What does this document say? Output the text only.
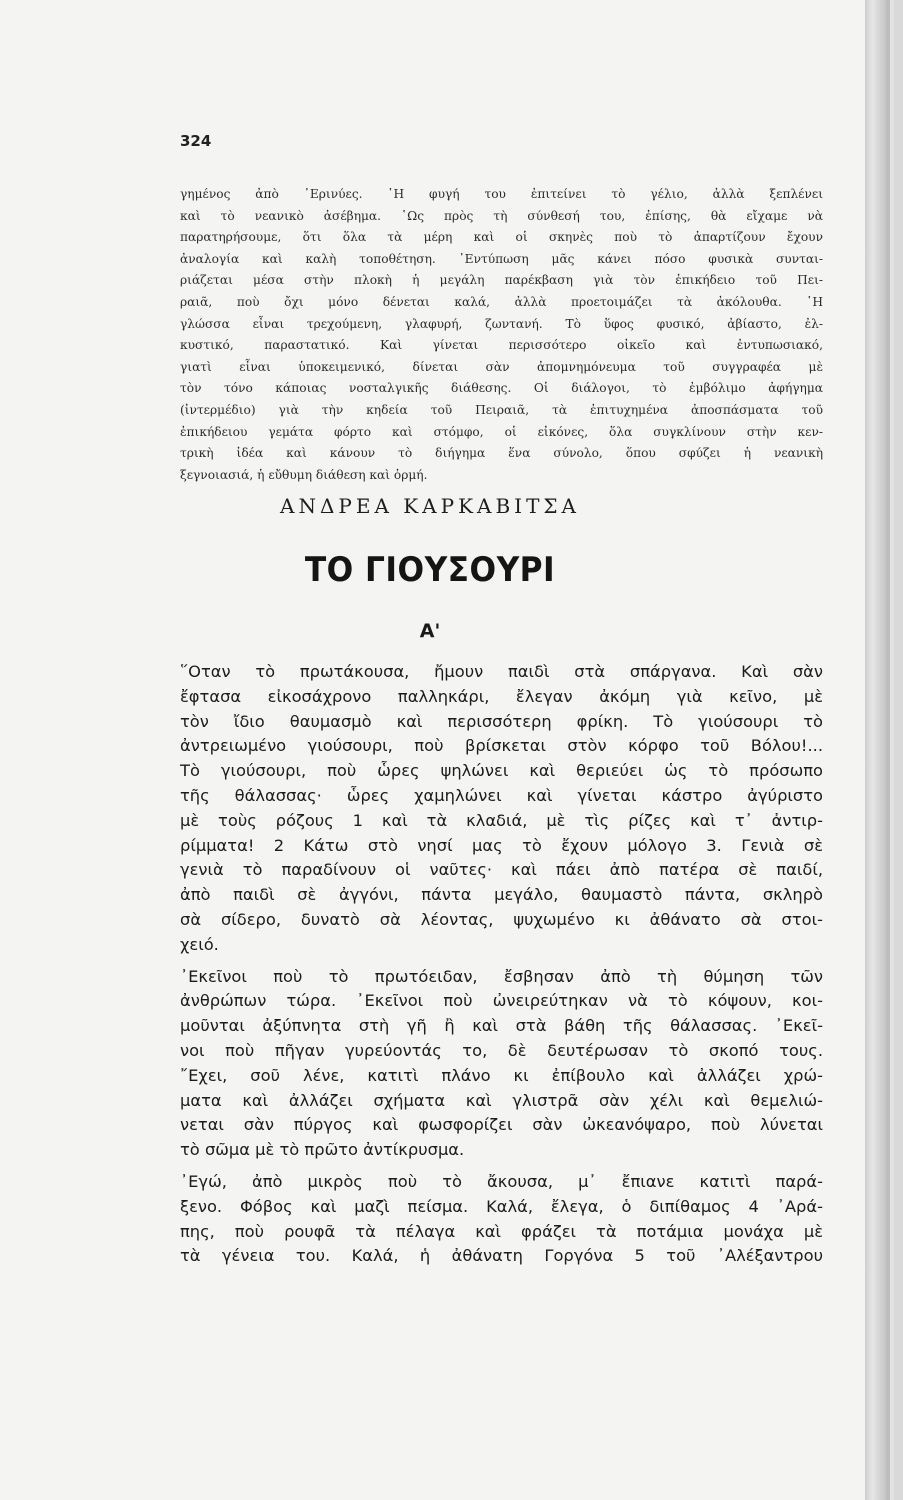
324
γημένος ἀπὸ ᾽Ερινύες. ῾Η φυγή του ἐπιτείνει τὸ γέλιο, ἀλλὰ ξεπλένει
καὶ τὸ νεανικὸ ἀσέβημα. ῾Ως πρὸς τὴ σύνθεσή του, ἐπίσης, θὰ εἴχαμε νὰ
παρατηρήσουμε, ὅτι ὅλα τὰ μέρη καὶ οἱ σκηνὲς ποὺ τὸ ἀπαρτίζουν ἔχουν
ἀναλογία καὶ καλὴ τοποθέτηση. ᾽Εντύπωση μᾶς κάνει πόσο φυσικὰ συνται-
ριάζεται μέσα στὴν πλοκὴ ἡ μεγάλη παρέκβαση γιὰ τὸν ἐπικήδειο τοῦ Πει-
ραιᾶ, ποὺ ὄχι μόνο δένεται καλά, ἀλλὰ προετοιμάζει τὰ ἀκόλουθα. ῾Η
γλώσσα εἶναι τρεχούμενη, γλαφυρή, ζωντανή. Τὸ ὕφος φυσικό, ἀβίαστο, ἐλ-
κυστικό, παραστατικό. Καὶ γίνεται περισσότερο οἰκεῖο καὶ ἐντυπωσιακό,
γιατὶ εἶναι ὑποκειμενικό, δίνεται σὰν ἀπομνημόνευμα τοῦ συγγραφέα μὲ
τὸν τόνο κάποιας νοσταλγικῆς διάθεσης. Οἱ διάλογοι, τὸ ἐμβόλιμο ἀφήγημα
(ἰντερμέδιο) γιὰ τὴν κηδεία τοῦ Πειραιᾶ, τὰ ἐπιτυχημένα ἀποσπάσματα τοῦ
ἐπικήδειου γεμάτα φόρτο καὶ στόμφο, οἱ εἰκόνες, ὅλα συγκλίνουν στὴν κεν-
τρικὴ ἰδέα καὶ κάνουν τὸ διήγημα ἕνα σύνολο, ὅπου σφύζει ἡ νεανικὴ
ξεγνοιασιά, ἡ εὔθυμη διάθεση καὶ ὁρμή.
ΑΝΔΡΕΑ ΚΑΡΚΑΒΙΤΣΑ
ΤΟ ΓΙΟΥΣΟΥΡΙ
Α'

῞Οταν τὸ πρωτάκουσα, ἤμουν παιδὶ στὰ σπάργανα. Καὶ σὰν
ἔφτασα εἰκοσάχρονο παλληκάρι, ἔλεγαν ἀκόμη γιὰ κεῖνο, μὲ
τὸν ἴδιο θαυμασμὸ καὶ περισσότερη φρίκη. Τὸ γιούσουρι τὸ
ἀντρειωμένο γιούσουρι, ποὺ βρίσκεται στὸν κόρφο τοῦ Βόλου!...
Τὸ γιούσουρι, ποὺ ὧρες ψηλώνει καὶ θεριεύει ὡς τὸ πρόσωπο
τῆς θάλασσας· ὧρες χαμηλώνει καὶ γίνεται κάστρο ἀγύριστο
μὲ τοὺς ρόζους 1 καὶ τὰ κλαδιά, μὲ τὶς ρίζες καὶ τ᾽ ἀντιρ-
ρίμματα! 2 Κάτω στὸ νησί μας τὸ ἔχουν μόλογο 3. Γενιὰ σὲ
γενιὰ τὸ παραδίνουν οἱ ναῦτες· καὶ πάει ἀπὸ πατέρα σὲ παιδί,
ἀπὸ παιδὶ σὲ ἀγγόνι, πάντα μεγάλο, θαυμαστὸ πάντα, σκληρὸ
σὰ σίδερο, δυνατὸ σὰ λέοντας, ψυχωμένο κι ἀθάνατο σὰ στοι-
χειό.

᾽Εκεῖνοι ποὺ τὸ πρωτόειδαν, ἔσβησαν ἀπὸ τὴ θύμηση τῶν
ἀνθρώπων τώρα. ᾽Εκεῖνοι ποὺ ὠνειρεύτηκαν νὰ τὸ κόψουν, κοι-
μοῦνται ἀξύπνητα στὴ γῆ ἢ καὶ στὰ βάθη τῆς θάλασσας. ᾽Εκεῖ-
νοι ποὺ πῆγαν γυρεύοντάς το, δὲ δευτέρωσαν τὸ σκοπό τους.
῎Εχει, σοῦ λένε, κατιτὶ πλάνο κι ἐπίβουλο καὶ ἀλλάζει χρώ-
ματα καὶ ἀλλάζει σχήματα καὶ γλιστρᾶ σὰν χέλι καὶ θεμελιώ-
νεται σὰν πύργος καὶ φωσφορίζει σὰν ὠκεανόψαρο, ποὺ λύνεται
τὸ σῶμα μὲ τὸ πρῶτο ἀντίκρυσμα.

᾽Εγώ, ἀπὸ μικρὸς ποὺ τὸ ἄκουσα, μ᾽ ἔπιανε κατιτὶ παρά-
ξενο. Φόβος καὶ μαζὶ πείσμα. Καλά, ἔλεγα, ὁ διπίθαμος 4 ᾽Αρά-
πης, ποὺ ρουφᾶ τὰ πέλαγα καὶ φράζει τὰ ποτάμια μονάχα μὲ
τὰ γένεια του. Καλά, ἡ ἀθάνατη Γοργόνα 5 τοῦ ᾽Αλέξαντρου
